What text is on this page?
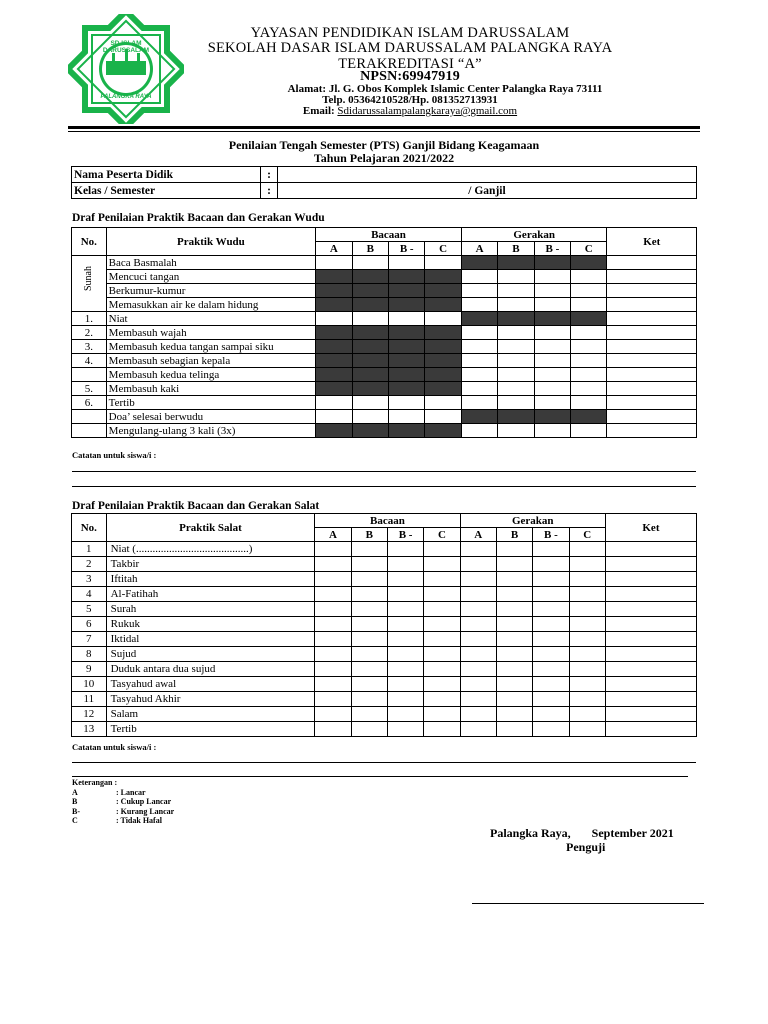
SD ISLAM DARUSSALAM
PALANGKA RAYA
YAYASAN PENDIDIKAN ISLAM DARUSSALAM
SEKOLAH DASAR ISLAM DARUSSALAM PALANGKA RAYA
TERAKREDITASI “A”
NPSN:69947919
Alamat: Jl. G. Obos Komplek Islamic Center Palangka Raya 73111
Telp. 05364210528/Hp. 081352713931
Email: Sdidarussalampalangkaraya@gmail.com
Penilaian Tengah Semester (PTS) Ganjil Bidang Keagamaan
Tahun Pelajaran 2021/2022
Nama Peserta Didik	:	
Kelas / Semester	:	/ Ganjil
Draf Penilaian Praktik Bacaan dan Gerakan Wudu
No.	Praktik Wudu	Bacaan				Gerakan				Ket
		A	B	B -	C	A	B	B -	C	

Sunah	Baca Basmalah									
	Mencuci tangan									
	Berkumur-kumur									
	Memasukkan air ke dalam hidung									
1.	Niat									
2.	Membasuh wajah									
3.	Membasuh kedua tangan sampai siku									
4.	Membasuh sebagian kepala									
	Membasuh kedua telinga									
5.	Membasuh kaki									
6.	Tertib									
	Doa’ selesai berwudu									
	Mengulang-ulang 3 kali (3x)									
Catatan untuk siswa/i :
Draf Penilaian Praktik Bacaan dan Gerakan Salat
No.	Praktik Salat	Bacaan				Gerakan				Ket
		A	B	B -	C	A	B	B -	C	
1	Niat (.........................................)									
2	Takbir									
3	Iftitah									
4	Al-Fatihah									
5	Surah									
6	Rukuk									
7	Iktidal									
8	Sujud									
9	Duduk antara dua sujud									
10	Tasyahud awal									
11	Tasyahud Akhir									
12	Salam									
13	Tertib									
Catatan untuk siswa/i :
Keterangan :
A	: Lancar
B	: Cukup Lancar
B-	: Kurang Lancar
C	: Tidak Hafal
Palangka Raya,       September 2021
Penguji
